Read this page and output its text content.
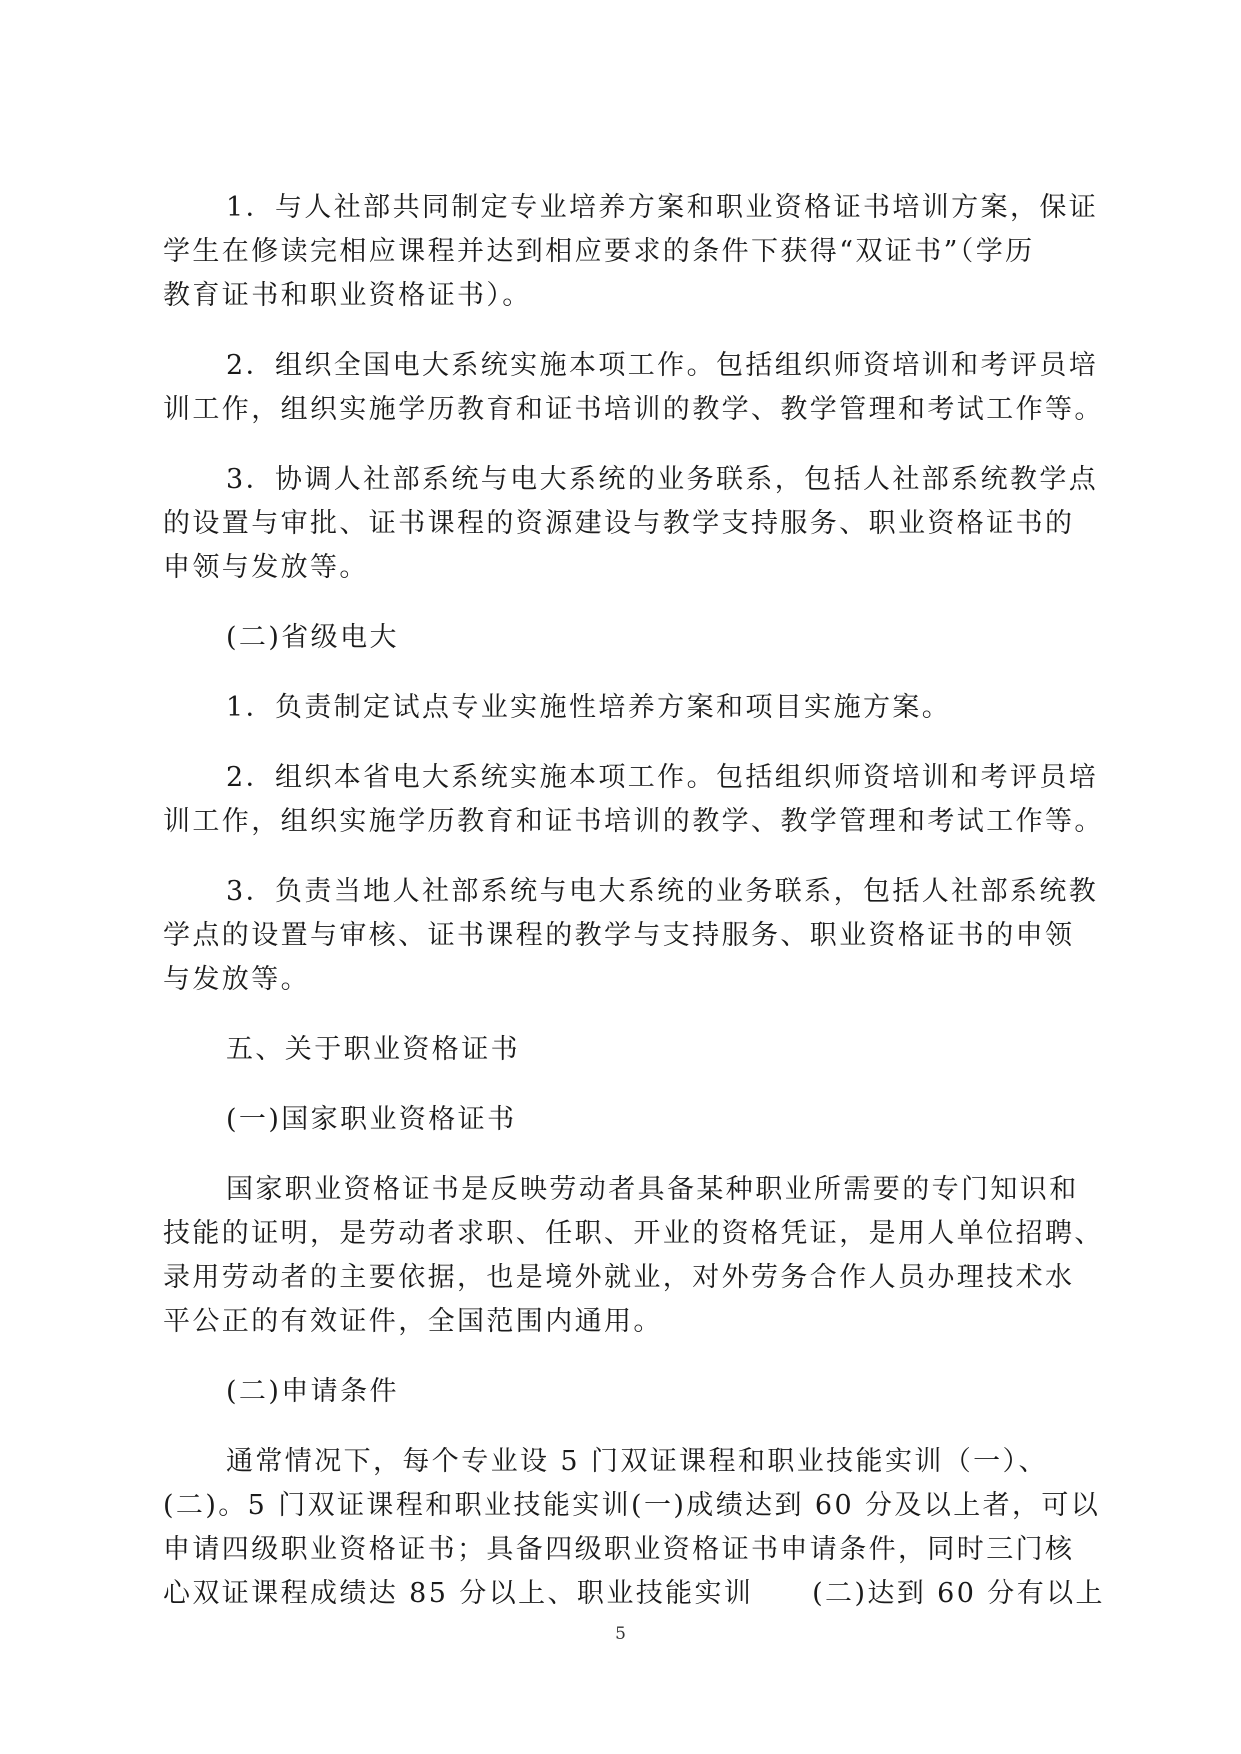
1．与人社部共同制定专业培养方案和职业资格证书培训方案，保证
学生在修读完相应课程并达到相应要求的条件下获得“双证书”（学历
教育证书和职业资格证书）。
2．组织全国电大系统实施本项工作。包括组织师资培训和考评员培
训工作，组织实施学历教育和证书培训的教学、教学管理和考试工作等。
3．协调人社部系统与电大系统的业务联系，包括人社部系统教学点
的设置与审批、证书课程的资源建设与教学支持服务、职业资格证书的
申领与发放等。
(二)省级电大
1．负责制定试点专业实施性培养方案和项目实施方案。
2．组织本省电大系统实施本项工作。包括组织师资培训和考评员培
训工作，组织实施学历教育和证书培训的教学、教学管理和考试工作等。
3．负责当地人社部系统与电大系统的业务联系，包括人社部系统教
学点的设置与审核、证书课程的教学与支持服务、职业资格证书的申领
与发放等。
五、关于职业资格证书
(一)国家职业资格证书
国家职业资格证书是反映劳动者具备某种职业所需要的专门知识和
技能的证明，是劳动者求职、任职、开业的资格凭证，是用人单位招聘、
录用劳动者的主要依据，也是境外就业，对外劳务合作人员办理技术水
平公正的有效证件，全国范围内通用。
(二)申请条件
通常情况下，每个专业设 5 门双证课程和职业技能实训（一）、
(二)。5 门双证课程和职业技能实训(一)成绩达到 60 分及以上者，可以
申请四级职业资格证书；具备四级职业资格证书申请条件，同时三门核
心双证课程成绩达 85 分以上、职业技能实训　　(二)达到 60 分有以上
5
